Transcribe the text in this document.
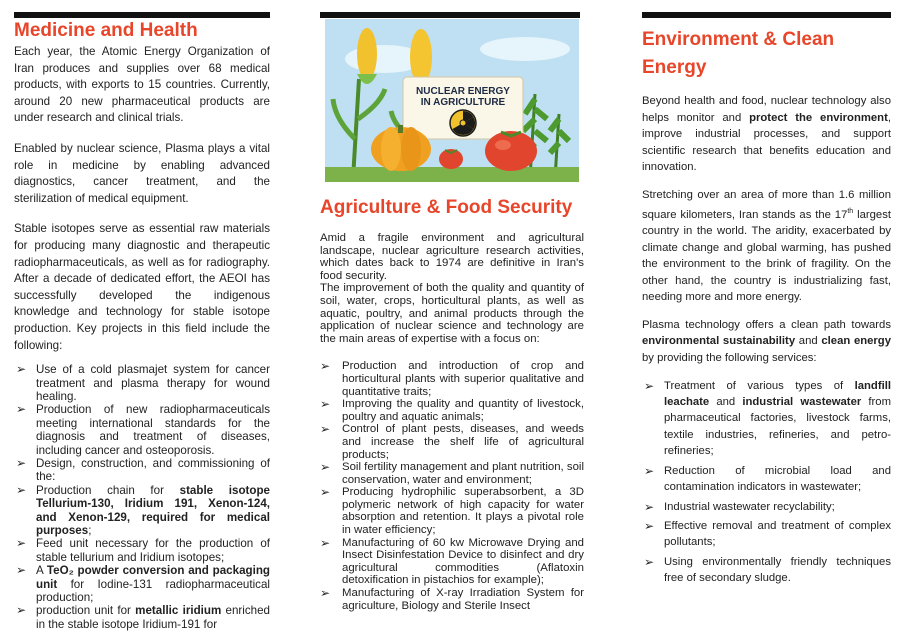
Medicine and Health

Each year, the Atomic Energy Organization of Iran produces and supplies over 68 medical products, with exports to 15 countries. Currently, around 20 new pharmaceutical products are under research and clinical trials.

Enabled by nuclear science, Plasma plays a vital role in medicine by enabling advanced diagnostics, cancer treatment, and the sterilization of medical equipment.

Stable isotopes serve as essential raw materials for producing many diagnostic and therapeutic radiopharmaceuticals, as well as for radiography. After a decade of dedicated effort, the AEOI has successfully developed the indigenous knowledge and technology for stable isotope production. Key projects in this field include the following:

➢ Use of a cold plasmajet system for cancer treatment and plasma therapy for wound healing.
➢ Production of new radiopharmaceuticals meeting international standards for the diagnosis and treatment of diseases, including cancer and osteoporosis.
➢ Design, construction, and commissioning of the:
➢ Production chain for stable isotope Tellurium-130, Iridium 191, Xenon-124, and Xenon-129, required for medical purposes;
➢ Feed unit necessary for the production of stable tellurium and Iridium isotopes;
➢ A TeO₂ powder conversion and packaging unit for Iodine-131 radiopharmaceutical production;
➢ production unit for metallic iridium enriched in the stable isotope Iridium-191 for
NUCLEAR ENERGY
IN AGRICULTURE
Agriculture & Food Security

Amid a fragile environment and agricultural landscape, nuclear agriculture research activities, which dates back to 1974 are definitive in Iran's food security.

The improvement of both the quality and quantity of soil, water, crops, horticultural plants, as well as aquatic, poultry, and animal products through the application of nuclear science and technology are the main areas of expertise with a focus on:

➢ Production and introduction of crop and horticultural plants with superior qualitative and quantitative traits;
➢ Improving the quality and quantity of livestock, poultry and aquatic animals;
➢ Control of plant pests, diseases, and weeds and increase the shelf life of agricultural products;
➢ Soil fertility management and plant nutrition, soil conservation, water and environment;
➢ Producing hydrophilic superabsorbent, a 3D polymeric network of high capacity for water absorption and retention. It plays a pivotal role in water efficiency;
➢ Manufacturing of 60 kw Microwave Drying and Insect Disinfestation Device to disinfect and dry agricultural commodities (Aflatoxin detoxification in pistachios for example);
➢ Manufacturing of X-ray Irradiation System for agriculture, Biology and Sterile Insect
Environment & Clean Energy

Beyond health and food, nuclear technology also helps monitor and protect the environment, improve industrial processes, and support scientific research that benefits education and innovation.

Stretching over an area of more than 1.6 million square kilometers, Iran stands as the 17th largest country in the world. The aridity, exacerbated by climate change and global warming, has pushed the environment to the brink of fragility. On the other hand, the country is industrializing fast, needing more and more energy.

Plasma technology offers a clean path towards environmental sustainability and clean energy by providing the following services:

➢ Treatment of various types of landfill leachate and industrial wastewater from pharmaceutical factories, livestock farms, textile industries, refineries, and petro-refineries;
➢ Reduction of microbial load and contamination indicators in wastewater;
➢ Industrial wastewater recyclability;
➢ Effective removal and treatment of complex pollutants;
➢ Using environmentally friendly techniques free of secondary sludge.
